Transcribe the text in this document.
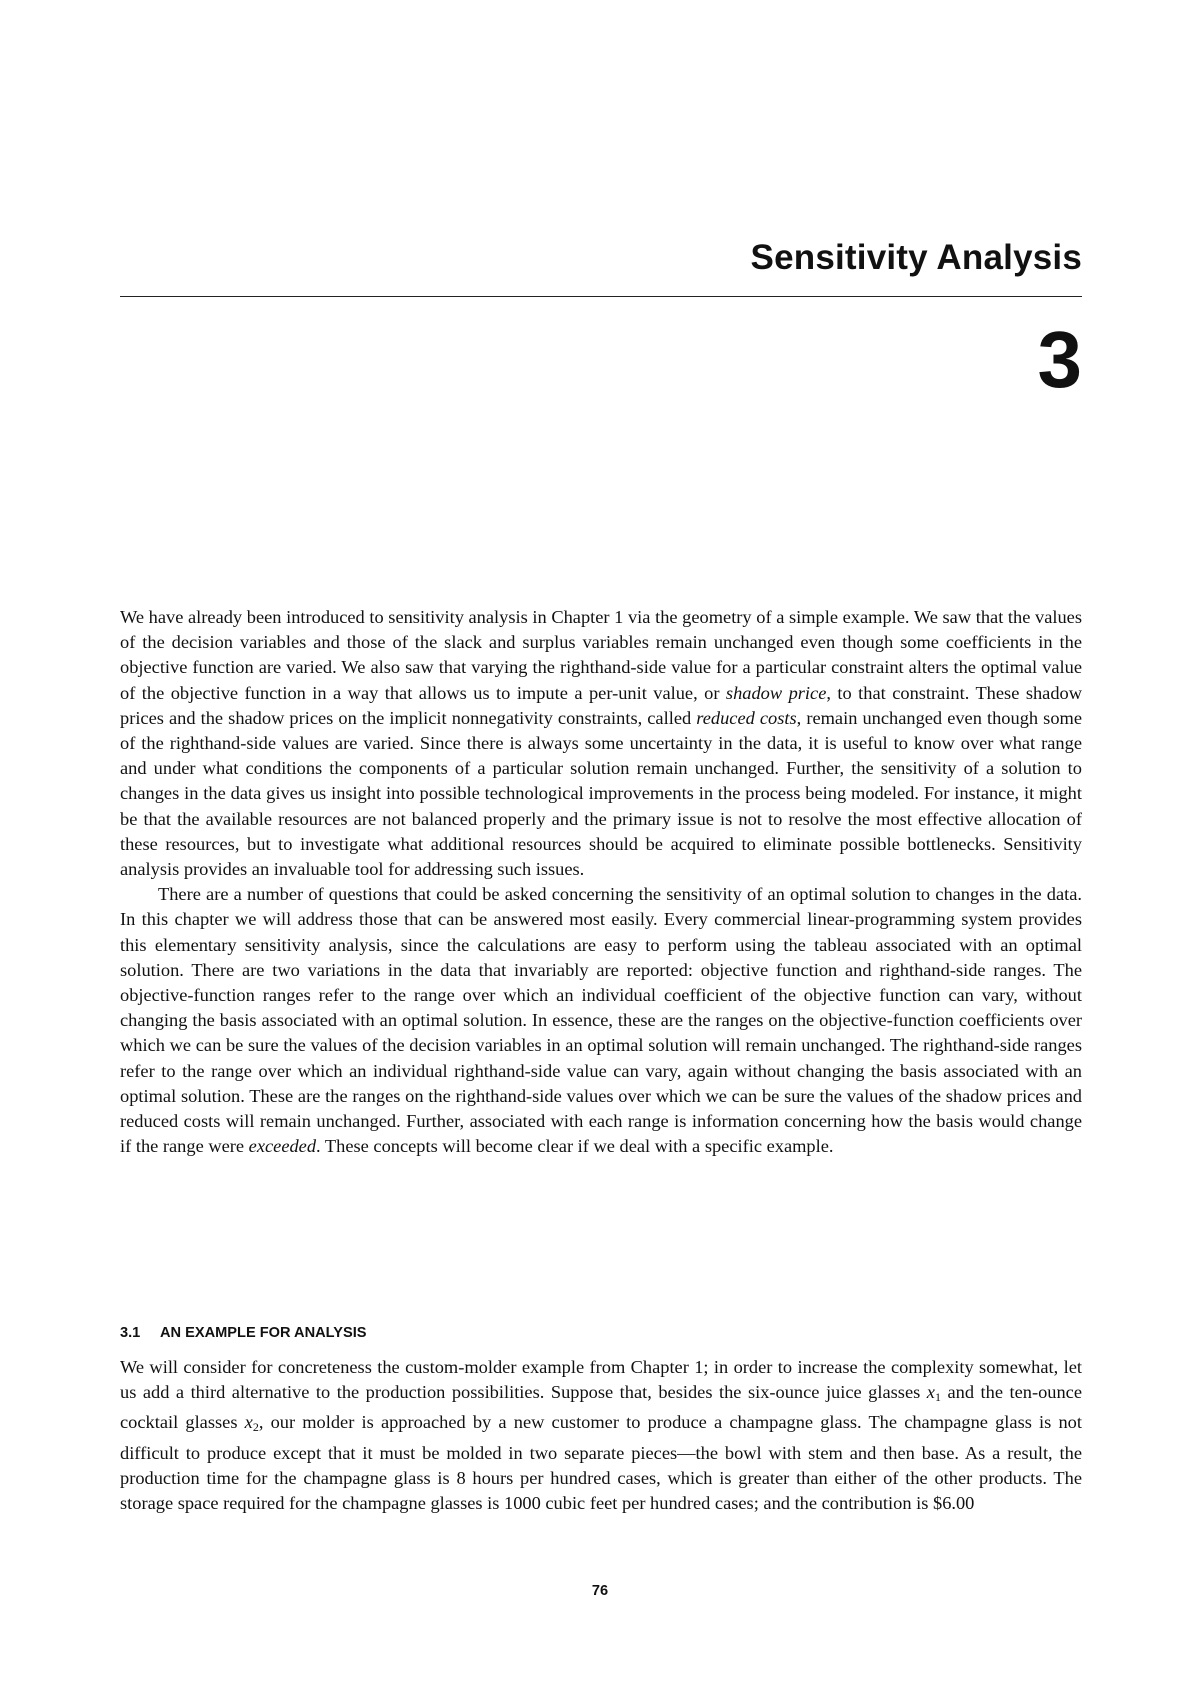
Sensitivity Analysis
3

We have already been introduced to sensitivity analysis in Chapter 1 via the geometry of a simple example. We saw that the values of the decision variables and those of the slack and surplus variables remain unchanged even though some coefficients in the objective function are varied. We also saw that varying the righthand-side value for a particular constraint alters the optimal value of the objective function in a way that allows us to impute a per-unit value, or shadow price, to that constraint. These shadow prices and the shadow prices on the implicit nonnegativity constraints, called reduced costs, remain unchanged even though some of the righthand-side values are varied. Since there is always some uncertainty in the data, it is useful to know over what range and under what conditions the components of a particular solution remain unchanged. Further, the sensitivity of a solution to changes in the data gives us insight into possible technological improvements in the process being modeled. For instance, it might be that the available resources are not balanced properly and the primary issue is not to resolve the most effective allocation of these resources, but to investigate what additional resources should be acquired to eliminate possible bottlenecks. Sensitivity analysis provides an invaluable tool for addressing such issues.

There are a number of questions that could be asked concerning the sensitivity of an optimal solution to changes in the data. In this chapter we will address those that can be answered most easily. Every commercial linear-programming system provides this elementary sensitivity analysis, since the calculations are easy to perform using the tableau associated with an optimal solution. There are two variations in the data that invariably are reported: objective function and righthand-side ranges. The objective-function ranges refer to the range over which an individual coefficient of the objective function can vary, without changing the basis associated with an optimal solution. In essence, these are the ranges on the objective-function coefficients over which we can be sure the values of the decision variables in an optimal solution will remain unchanged. The righthand-side ranges refer to the range over which an individual righthand-side value can vary, again without changing the basis associated with an optimal solution. These are the ranges on the righthand-side values over which we can be sure the values of the shadow prices and reduced costs will remain unchanged. Further, associated with each range is information concerning how the basis would change if the range were exceeded. These concepts will become clear if we deal with a specific example.

3.1 AN EXAMPLE FOR ANALYSIS

We will consider for concreteness the custom-molder example from Chapter 1; in order to increase the complexity somewhat, let us add a third alternative to the production possibilities. Suppose that, besides the six-ounce juice glasses $x_1$ and the ten-ounce cocktail glasses $x_2$, our molder is approached by a new customer to produce a champagne glass. The champagne glass is not difficult to produce except that it must be molded in two separate pieces—the bowl with stem and then base. As a result, the production time for the champagne glass is 8 hours per hundred cases, which is greater than either of the other products. The storage space required for the champagne glasses is 1000 cubic feet per hundred cases; and the contribution is $6.00

76
